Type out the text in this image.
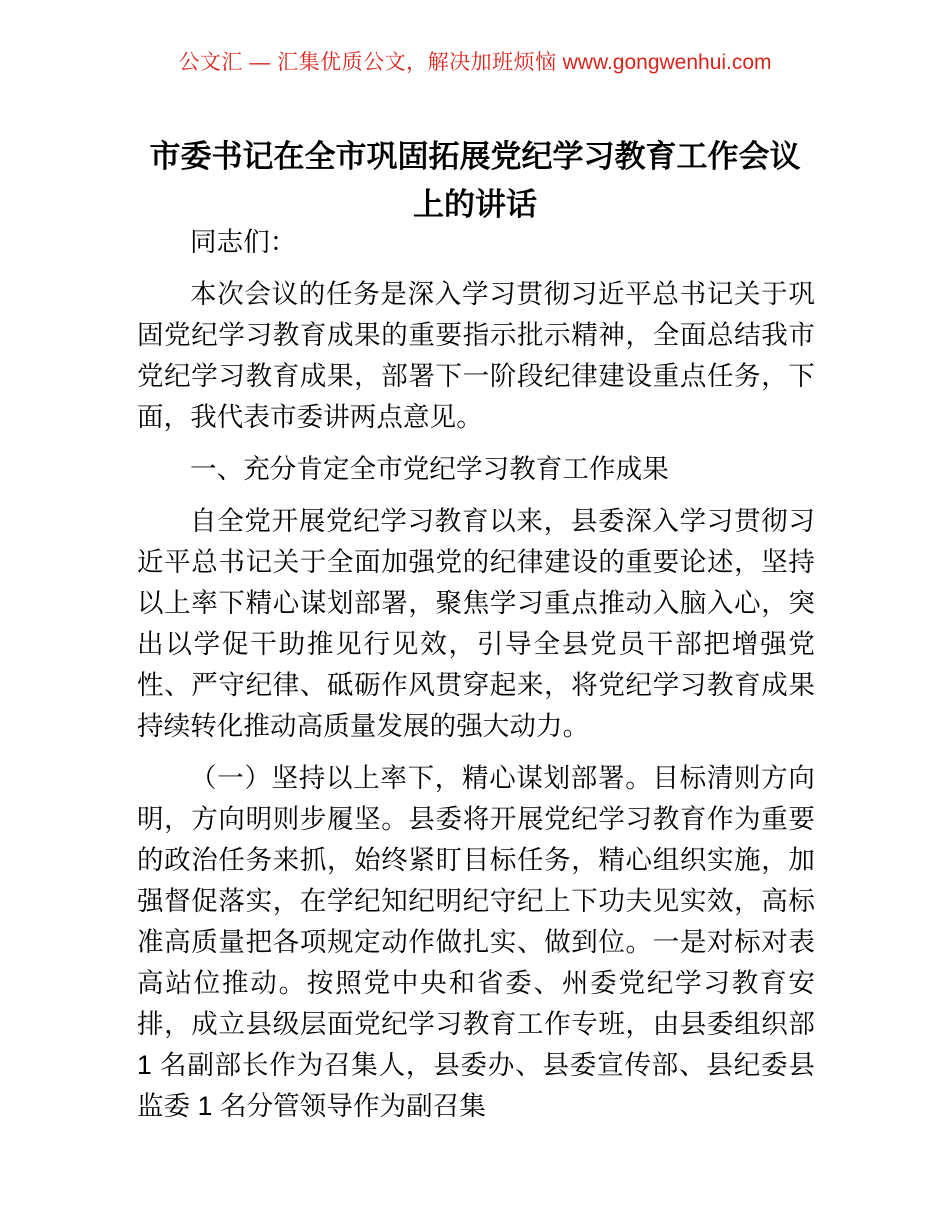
公文汇 — 汇集优质公文，解决加班烦恼 www.gongwenhui.com
市委书记在全市巩固拓展党纪学习教育工作会议上的讲话

同志们：

本次会议的任务是深入学习贯彻习近平总书记关于巩固党纪学习教育成果的重要指示批示精神，全面总结我市党纪学习教育成果，部署下一阶段纪律建设重点任务，下面，我代表市委讲两点意见。

一、充分肯定全市党纪学习教育工作成果

自全党开展党纪学习教育以来，县委深入学习贯彻习近平总书记关于全面加强党的纪律建设的重要论述，坚持以上率下精心谋划部署，聚焦学习重点推动入脑入心，突出以学促干助推见行见效，引导全县党员干部把增强党性、严守纪律、砥砺作风贯穿起来，将党纪学习教育成果持续转化推动高质量发展的强大动力。

（一）坚持以上率下，精心谋划部署。目标清则方向明，方向明则步履坚。县委将开展党纪学习教育作为重要的政治任务来抓，始终紧盯目标任务，精心组织实施，加强督促落实，在学纪知纪明纪守纪上下功夫见实效，高标准高质量把各项规定动作做扎实、做到位。一是对标对表高站位推动。按照党中央和省委、州委党纪学习教育安排，成立县级层面党纪学习教育工作专班，由县委组织部 1 名副部长作为召集人，县委办、县委宣传部、县纪委县监委 1 名分管领导作为副召集
